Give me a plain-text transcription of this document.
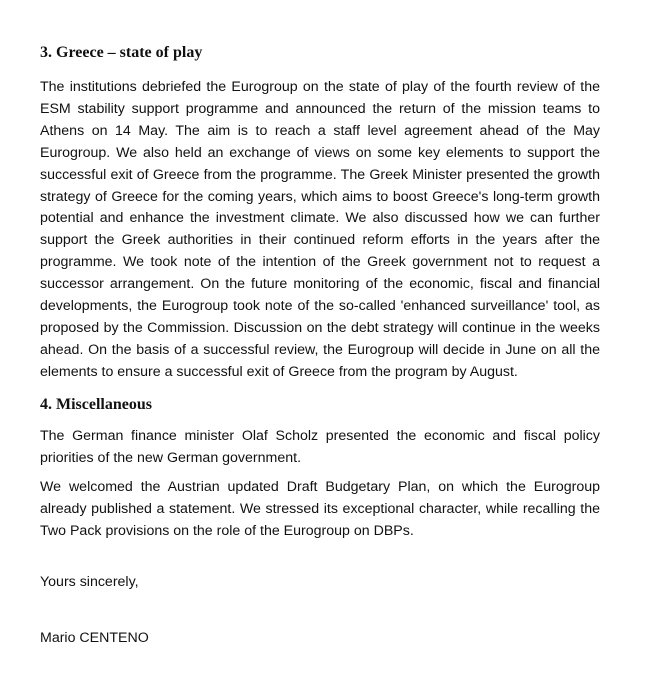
3. Greece – state of play

The institutions debriefed the Eurogroup on the state of play of the fourth review of the ESM stability support programme and announced the return of the mission teams to Athens on 14 May. The aim is to reach a staff level agreement ahead of the May Eurogroup. We also held an exchange of views on some key elements to support the successful exit of Greece from the programme. The Greek Minister presented the growth strategy of Greece for the coming years, which aims to boost Greece's long-term growth potential and enhance the investment climate. We also discussed how we can further support the Greek authorities in their continued reform efforts in the years after the programme. We took note of the intention of the Greek government not to request a successor arrangement. On the future monitoring of the economic, fiscal and financial developments, the Eurogroup took note of the so-called 'enhanced surveillance' tool, as proposed by the Commission. Discussion on the debt strategy will continue in the weeks ahead. On the basis of a successful review, the Eurogroup will decide in June on all the elements to ensure a successful exit of Greece from the program by August.

4. Miscellaneous

The German finance minister Olaf Scholz presented the economic and fiscal policy priorities of the new German government.

We welcomed the Austrian updated Draft Budgetary Plan, on which the Eurogroup already published a statement. We stressed its exceptional character, while recalling the Two Pack provisions on the role of the Eurogroup on DBPs.

Yours sincerely,

Mario CENTENO
